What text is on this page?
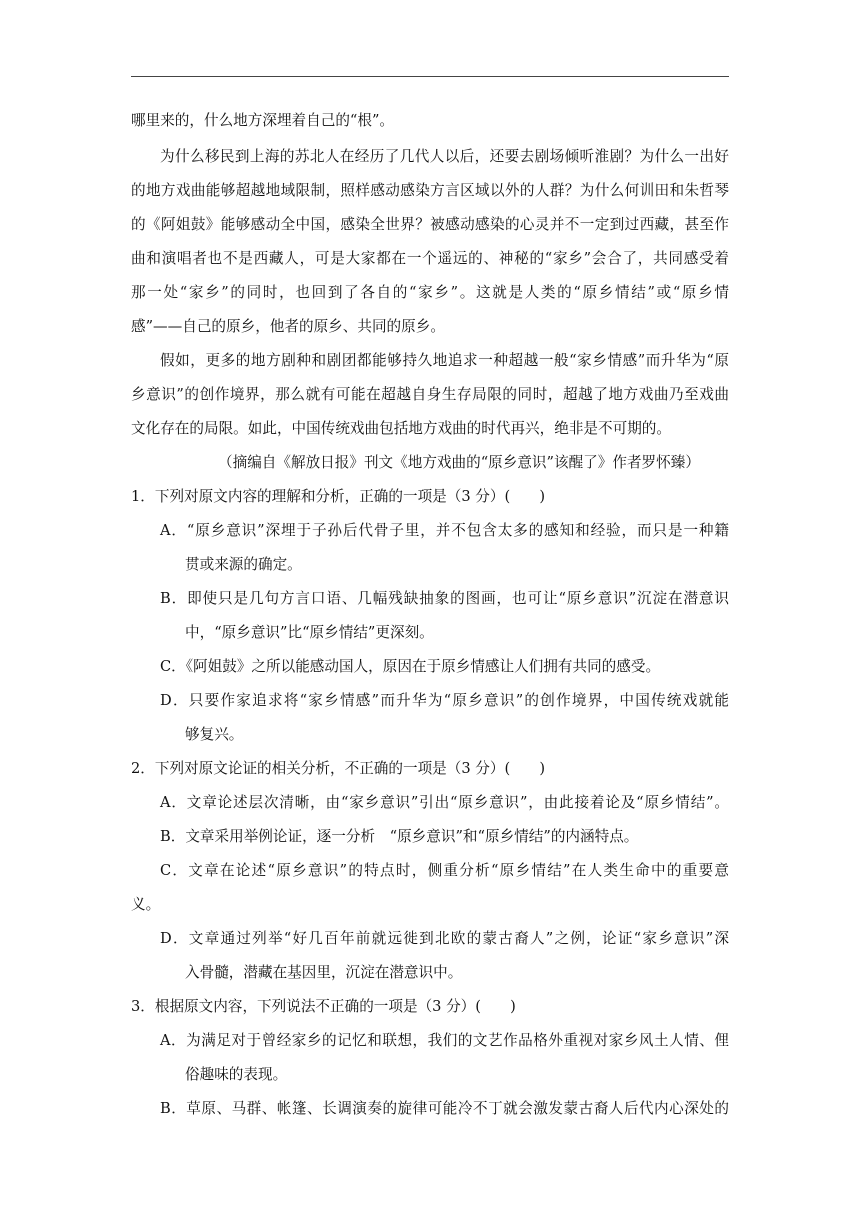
哪里来的，什么地方深埋着自己的“根”。
为什么移民到上海的苏北人在经历了几代人以后，还要去剧场倾听淮剧？为什么一出好
的地方戏曲能够超越地域限制，照样感动感染方言区域以外的人群？为什么何训田和朱哲琴
的《阿姐鼓》能够感动全中国，感染全世界？被感动感染的心灵并不一定到过西藏，甚至作
曲和演唱者也不是西藏人，可是大家都在一个遥远的、神秘的“家乡”会合了，共同感受着
那一处“家乡”的同时，也回到了各自的“家乡”。这就是人类的“原乡情结”或“原乡情
感”——自己的原乡，他者的原乡、共同的原乡。
假如，更多的地方剧种和剧团都能够持久地追求一种超越一般“家乡情感”而升华为“原
乡意识”的创作境界，那么就有可能在超越自身生存局限的同时，超越了地方戏曲乃至戏曲
文化存在的局限。如此，中国传统戏曲包括地方戏曲的时代再兴，绝非是不可期的。
（摘编自《解放日报》刊文《地方戏曲的“原乡意识”该醒了》作者罗怀臻）
1．下列对原文内容的理解和分析，正确的一项是（3 分）(　　)
A．“原乡意识”深埋于子孙后代骨子里，并不包含太多的感知和经验，而只是一种籍
贯或来源的确定。
B．即使只是几句方言口语、几幅残缺抽象的图画，也可让“原乡意识”沉淀在潜意识
中，“原乡意识”比“原乡情结”更深刻。
C．《阿姐鼓》之所以能感动国人，原因在于原乡情感让人们拥有共同的感受。
D．只要作家追求将“家乡情感”而升华为“原乡意识”的创作境界，中国传统戏就能
够复兴。
2．下列对原文论证的相关分析，不正确的一项是（3 分）(　　)
A．文章论述层次清晰，由“家乡意识”引出“原乡意识”，由此接着论及“原乡情结”。
B．文章采用举例论证，逐一分析　“原乡意识”和“原乡情结”的内涵特点。
C．文章在论述“原乡意识”的特点时，侧重分析“原乡情结”在人类生命中的重要意
义。
D．文章通过列举“好几百年前就远徙到北欧的蒙古裔人”之例，论证“家乡意识”深
入骨髓，潜藏在基因里，沉淀在潜意识中。
3．根据原文内容，下列说法不正确的一项是（3 分）(　　)
A．为满足对于曾经家乡的记忆和联想，我们的文艺作品格外重视对家乡风土人情、俚
俗趣味的表现。
B．草原、马群、帐篷、长调演奏的旋律可能冷不丁就会激发蒙古裔人后代内心深处的
